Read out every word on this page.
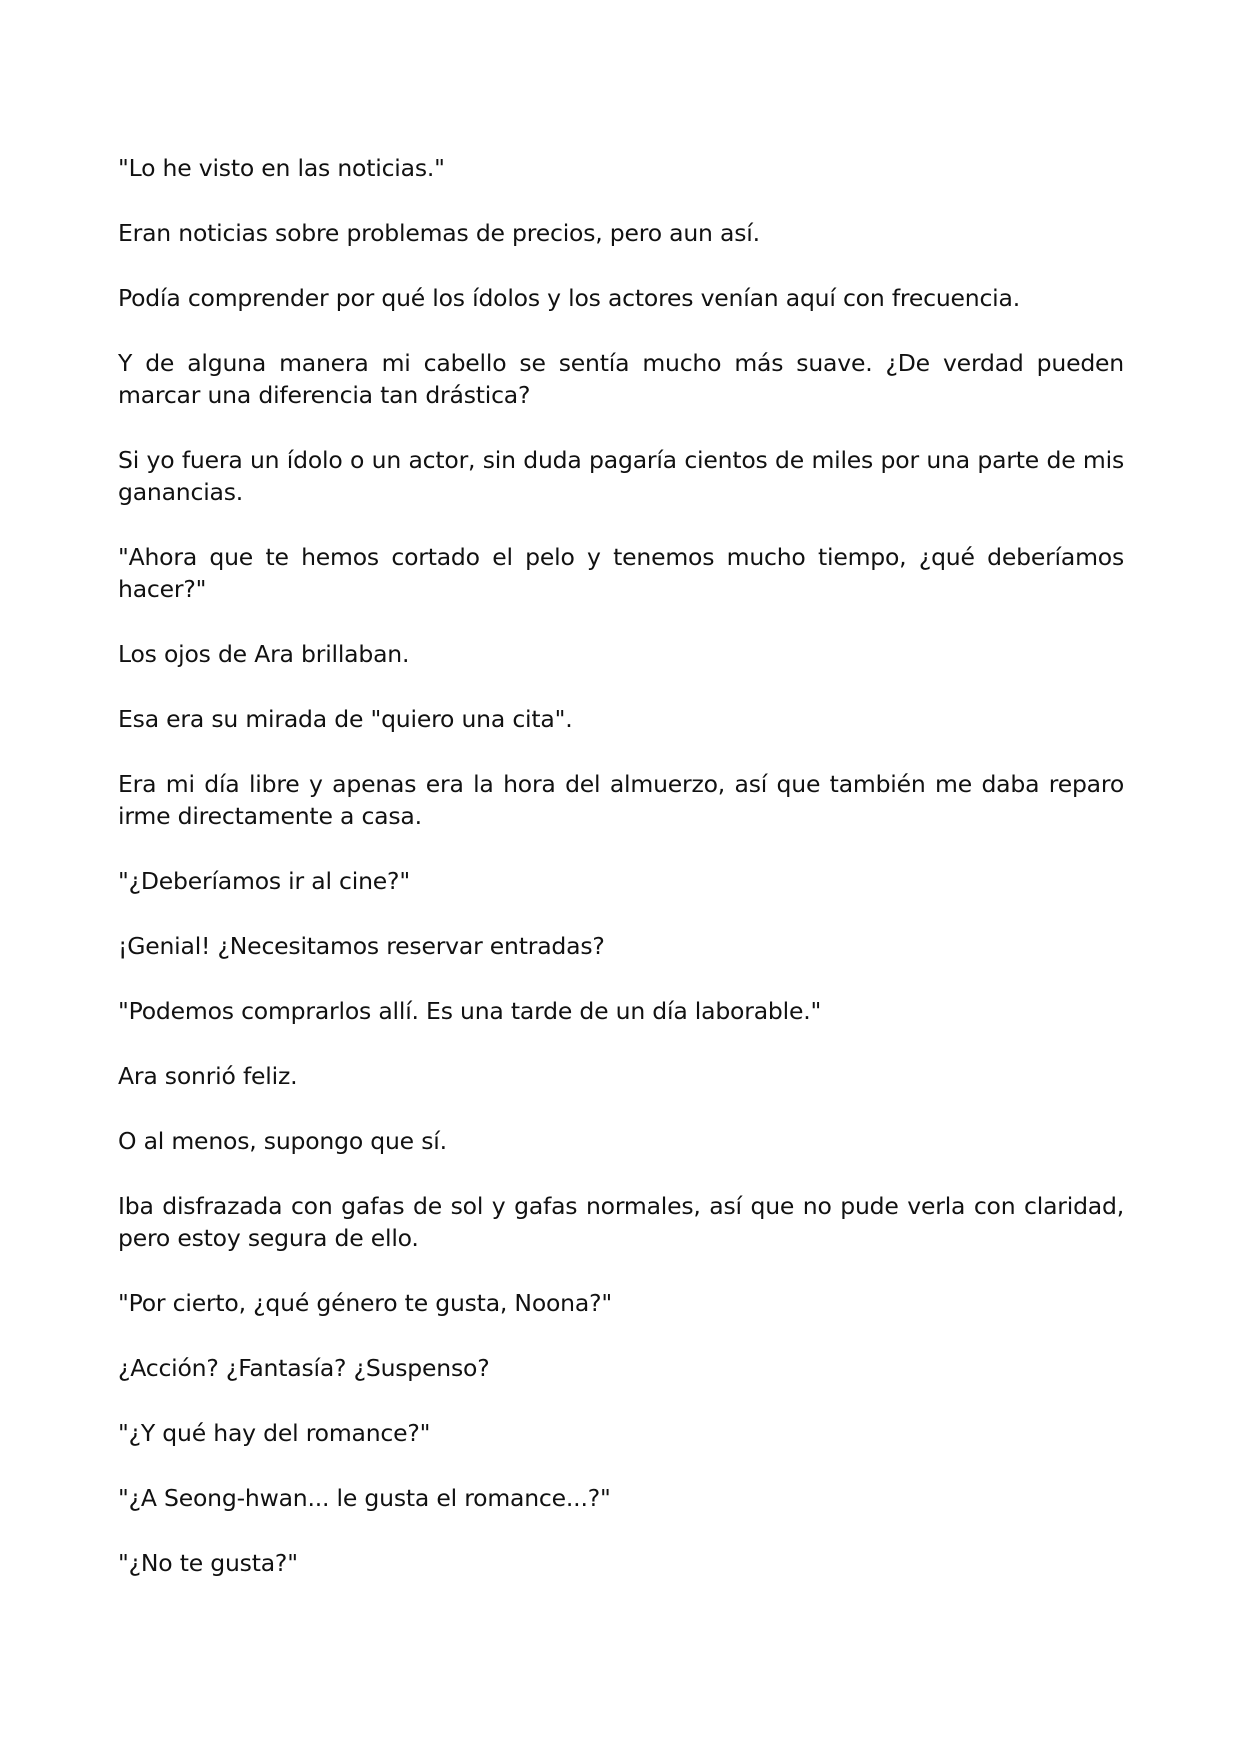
"Lo he visto en las noticias."

Eran noticias sobre problemas de precios, pero aun así.

Podía comprender por qué los ídolos y los actores venían aquí con frecuencia.

Y de alguna manera mi cabello se sentía mucho más suave. ¿De verdad pueden marcar una diferencia tan drástica?

Si yo fuera un ídolo o un actor, sin duda pagaría cientos de miles por una parte de mis ganancias.

"Ahora que te hemos cortado el pelo y tenemos mucho tiempo, ¿qué deberíamos hacer?"

Los ojos de Ara brillaban.

Esa era su mirada de "quiero una cita".

Era mi día libre y apenas era la hora del almuerzo, así que también me daba reparo irme directamente a casa.

"¿Deberíamos ir al cine?"

¡Genial! ¿Necesitamos reservar entradas?

"Podemos comprarlos allí. Es una tarde de un día laborable."

Ara sonrió feliz.

O al menos, supongo que sí.

Iba disfrazada con gafas de sol y gafas normales, así que no pude verla con claridad, pero estoy segura de ello.

"Por cierto, ¿qué género te gusta, Noona?"

¿Acción? ¿Fantasía? ¿Suspenso?

"¿Y qué hay del romance?"

"¿A Seong-hwan... le gusta el romance...?"

"¿No te gusta?"
